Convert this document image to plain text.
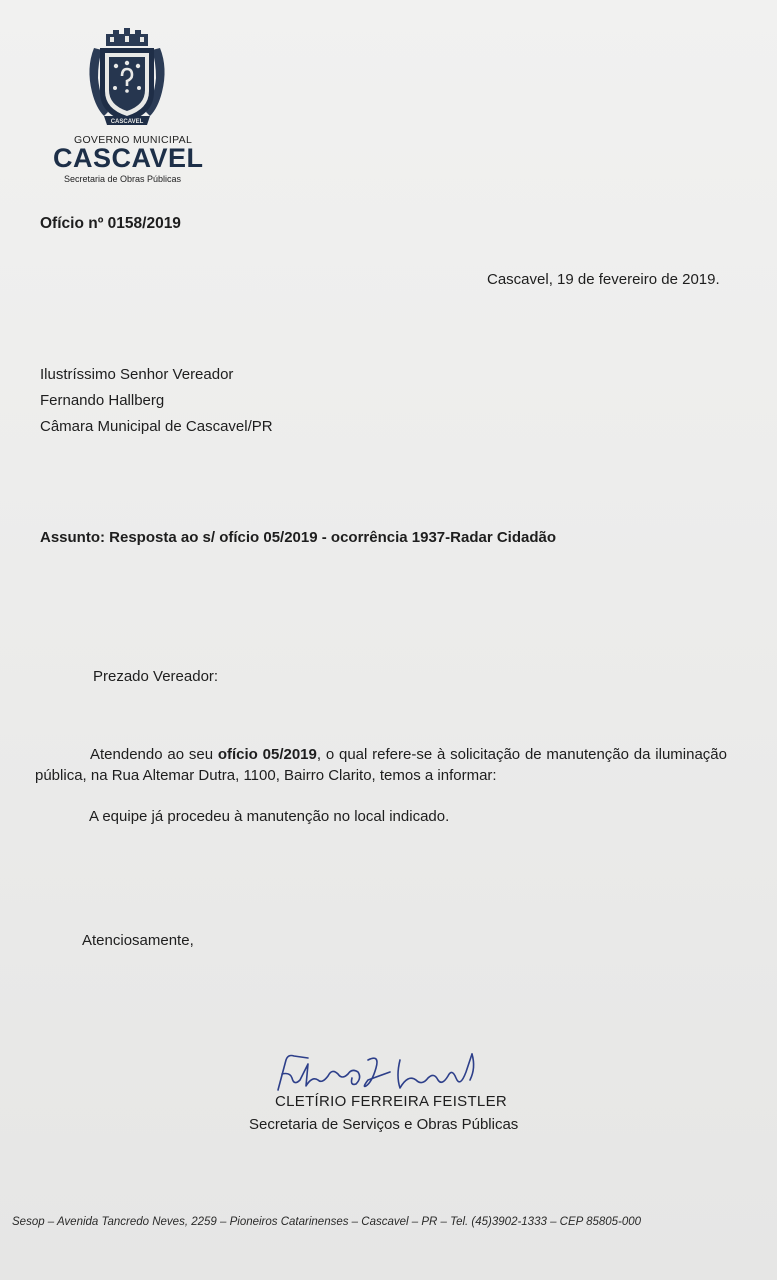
CASCAVEL
GOVERNO MUNICIPAL
CASCAVEL
Secretaria de Obras Públicas
Ofício nº 0158/2019
Cascavel, 19 de fevereiro de 2019.
Ilustríssimo Senhor Vereador
Fernando Hallberg
Câmara Municipal de Cascavel/PR
Assunto: Resposta ao s/ ofício 05/2019 - ocorrência 1937-Radar Cidadão
Prezado Vereador:

Atendendo ao seu ofício 05/2019, o qual refere-se à solicitação de manutenção da iluminação pública, na Rua Altemar Dutra, 1100, Bairro Clarito, temos a informar:

A equipe já procedeu à manutenção no local indicado.
Atenciosamente,
CLETÍRIO FERREIRA FEISTLER
Secretaria de Serviços e Obras Públicas
Sesop – Avenida Tancredo Neves, 2259 – Pioneiros Catarinenses – Cascavel – PR – Tel. (45)3902-1333 – CEP 85805-000
